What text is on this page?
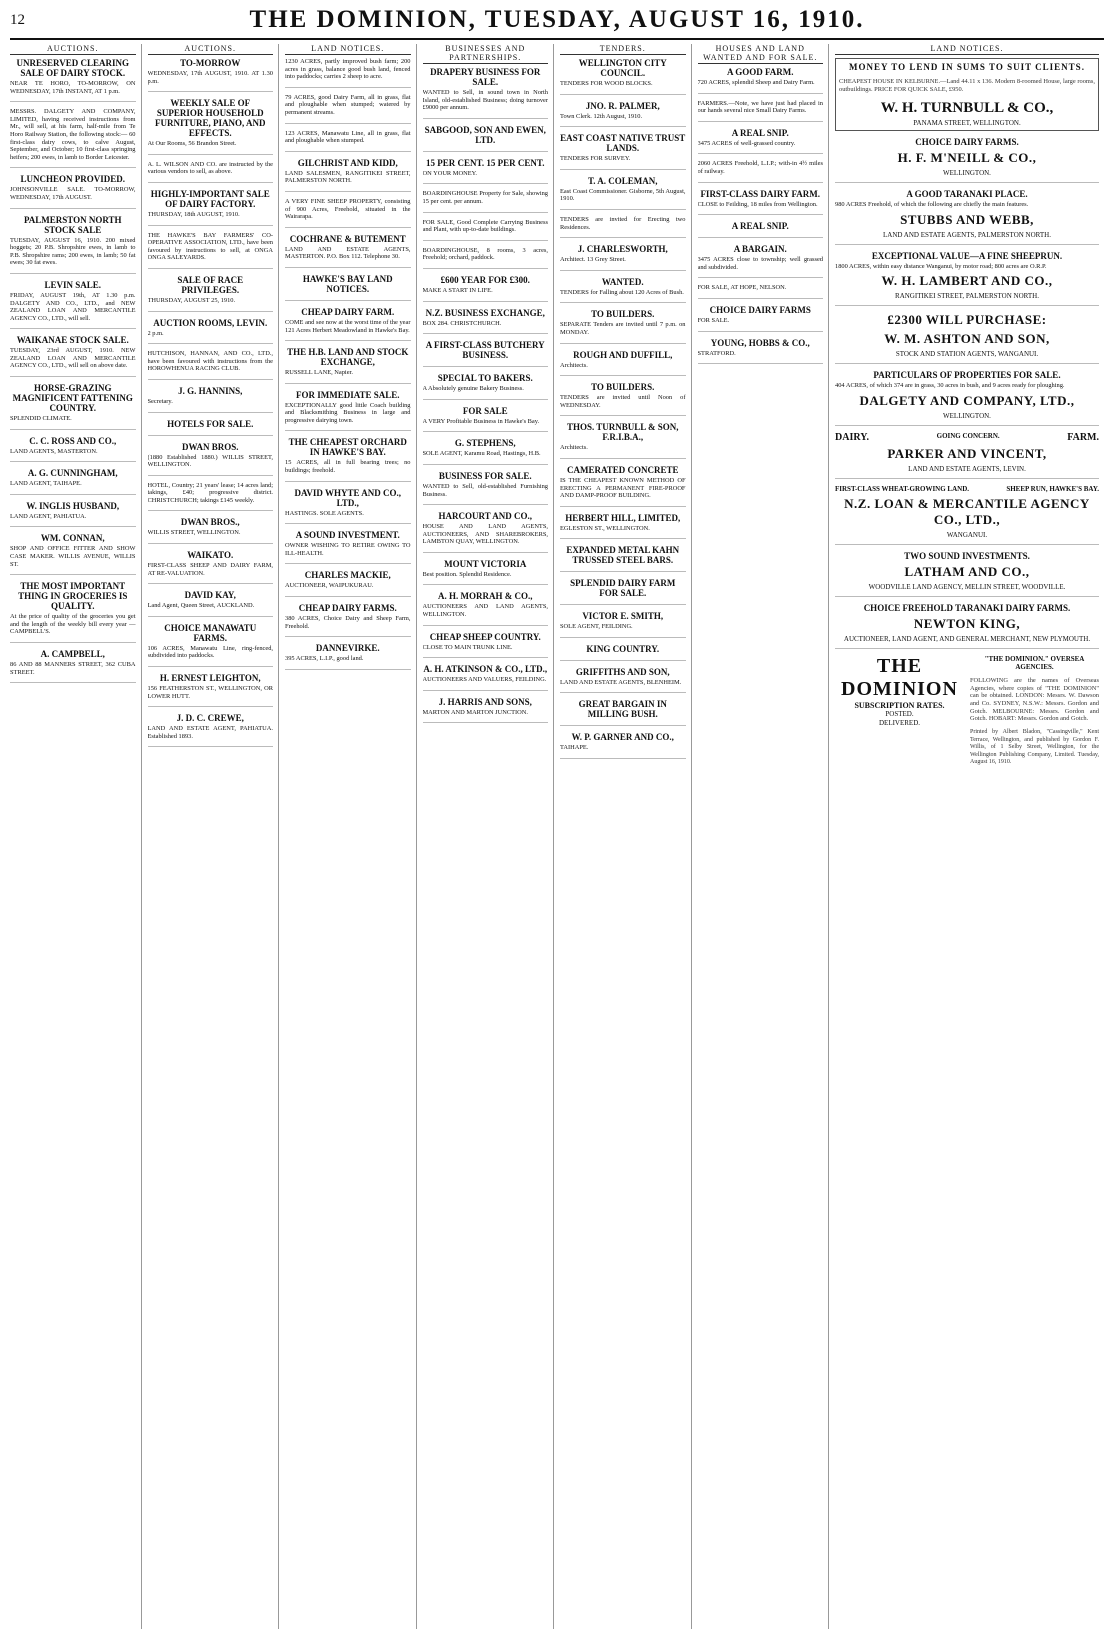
12	THE DOMINION, TUESDAY, AUGUST 16, 1910.
AUCTIONS.
UNRESERVED CLEARING SALE OF DAIRY STOCK.

NEAR TE HORO, TO-MORROW, ON WEDNESDAY, 17th INSTANT, AT 1 p.m.

MESSRS. DALGETY AND COMPANY, LIMITED, having received instructions from Mr., will sell, at his farm, half-mile from Te Horo Railway Station, the following stock:— 60 first-class dairy cows, to calve August, September, and October; 10 first-class springing heifers; 200 ewes, in lamb to Border Leicester.

LUNCHEON PROVIDED.

JOHNSONVILLE SALE. TO-MORROW, WEDNESDAY, 17th AUGUST.

PALMERSTON NORTH STOCK SALE

TUESDAY, AUGUST 16, 1910. 200 mixed hoggets; 20 P.B. Shropshire ewes, in lamb to P.B. Shropshire rams; 200 ewes, in lamb; 50 fat ewes; 30 fat ewes.

LEVIN SALE.

FRIDAY, AUGUST 19th, AT 1.30 p.m. DALGETY AND CO., LTD., and NEW ZEALAND LOAN AND MERCANTILE AGENCY CO., LTD., will sell.

WAIKANAE STOCK SALE.

TUESDAY, 23rd AUGUST, 1910. NEW ZEALAND LOAN AND MERCANTILE AGENCY CO., LTD., will sell on above date.

HORSE-GRAZING MAGNIFICENT FATTENING COUNTRY.

SPLENDID CLIMATE.

C. C. ROSS AND CO.,

LAND AGENTS, MASTERTON.

A. G. CUNNINGHAM,

LAND AGENT, TAIHAPE.

W. INGLIS HUSBAND,

LAND AGENT, PAHIATUA.

WM. CONNAN,

SHOP AND OFFICE FITTER AND SHOW CASE MAKER. WILLIS AVENUE, WILLIS ST.

THE MOST IMPORTANT THING IN GROCERIES IS QUALITY.

At the price of quality of the groceries you get and the length of the weekly bill every year — CAMPBELL'S.

A. CAMPBELL,

86 AND 88 MANNERS STREET, 362 CUBA STREET.

AUCTIONS.
TO-MORROW

WEDNESDAY, 17th AUGUST, 1910. AT 1.30 p.m.

WEEKLY SALE OF SUPERIOR HOUSEHOLD FURNITURE, PIANO, AND EFFECTS.

At Our Rooms, 56 Brandon Street.

A. L. WILSON AND CO. are instructed by the various vendors to sell, as above.

HIGHLY-IMPORTANT SALE OF DAIRY FACTORY.

THURSDAY, 18th AUGUST, 1910.

THE HAWKE'S BAY FARMERS' CO-OPERATIVE ASSOCIATION, LTD., have been favoured by instructions to sell, at ONGA ONGA SALEYARDS.

SALE OF RACE PRIVILEGES.

THURSDAY, AUGUST 25, 1910.

AUCTION ROOMS, LEVIN.

2 p.m.

HUTCHISON, HANNAN, AND CO., LTD., have been favoured with instructions from the HOROWHENUA RACING CLUB.

J. G. HANNINS,

Secretary.

HOTELS FOR SALE.

DWAN BROS.

(1880 Established 1880.) WILLIS STREET, WELLINGTON.

HOTEL, Country; 21 years' lease; 14 acres land; takings, £40; progressive district. CHRISTCHURCH; takings £145 weekly.

DWAN BROS.,

WILLIS STREET, WELLINGTON.

WAIKATO.

FIRST-CLASS SHEEP AND DAIRY FARM, AT RE-VALUATION.

DAVID KAY,

Land Agent, Queen Street, AUCKLAND.

CHOICE MANAWATU FARMS.

106 ACRES, Manawatu Line, ring-fenced, subdivided into paddocks.

H. ERNEST LEIGHTON,

156 FEATHERSTON ST., WELLINGTON, OR LOWER HUTT.

J. D. C. CREWE,

LAND AND ESTATE AGENT, PAHIATUA. Established 1893.

LAND NOTICES.

1230 ACRES, partly improved bush farm; 200 acres in grass, balance good bush land, fenced into paddocks; carries 2 sheep to acre.

79 ACRES, good Dairy Farm, all in grass, flat and ploughable when stumped; watered by permanent streams.

123 ACRES, Manawatu Line, all in grass, flat and ploughable when stumped.

GILCHRIST AND KIDD,

LAND SALESMEN, RANGITIKEI STREET, PALMERSTON NORTH.

A VERY FINE SHEEP PROPERTY, consisting of 900 Acres, Freehold, situated in the Wairarapa.

COCHRANE & BUTEMENT

LAND AND ESTATE AGENTS, MASTERTON. P.O. Box 112. Telephone 30.

HAWKE'S BAY LAND NOTICES.

CHEAP DAIRY FARM.

COME and see now at the worst time of the year 121 Acres Herbert Meadowland in Hawke's Bay.

THE H.B. LAND AND STOCK EXCHANGE,

RUSSELL LANE, Napier.

FOR IMMEDIATE SALE.

EXCEPTIONALLY good little Coach building and Blacksmithing Business in large and progressive dairying town.

THE CHEAPEST ORCHARD IN HAWKE'S BAY.

15 ACRES, all in full bearing trees; no buildings; freehold.

DAVID WHYTE AND CO., LTD.,

HASTINGS. SOLE AGENTS.

A SOUND INVESTMENT.

OWNER WISHING TO RETIRE OWING TO ILL-HEALTH.

CHARLES MACKIE,

AUCTIONEER, WAIPUKURAU.

CHEAP DAIRY FARMS.

380 ACRES, Choice Dairy and Sheep Farm, Freehold.

DANNEVIRKE.

395 ACRES, L.I.P., good land.

BUSINESSES AND PARTNERSHIPS.
DRAPERY BUSINESS FOR SALE.

WANTED to Sell, in sound town in North Island, old-established Business; doing turnover £9000 per annum.

SABGOOD, SON AND EWEN, LTD.

15 PER CENT. 15 PER CENT.

ON YOUR MONEY.

BOARDINGHOUSE Property for Sale, showing 15 per cent. per annum.

FOR SALE, Good Complete Carrying Business and Plant, with up-to-date buildings.

BOARDINGHOUSE, 8 rooms, 3 acres, Freehold; orchard, paddock.

£600 YEAR FOR £300.

MAKE A START IN LIFE.

N.Z. BUSINESS EXCHANGE,

BOX 284. CHRISTCHURCH.

A FIRST-CLASS BUTCHERY BUSINESS.

SPECIAL TO BAKERS.

A Absolutely genuine Bakery Business.

FOR SALE

A VERY Profitable Business in Hawke's Bay.

G. STEPHENS,

SOLE AGENT, Karamu Road, Hastings, H.B.

BUSINESS FOR SALE.

WANTED to Sell, old-established Furnishing Business.

HARCOURT AND CO.,

HOUSE AND LAND AGENTS, AUCTIONEERS, AND SHAREBROKERS, LAMBTON QUAY, WELLINGTON.

MOUNT VICTORIA

Best position. Splendid Residence.

A. H. MORRAH & CO.,

AUCTIONEERS AND LAND AGENTS, WELLINGTON.

CHEAP SHEEP COUNTRY.

CLOSE TO MAIN TRUNK LINE.

A. H. ATKINSON & CO., LTD.,

AUCTIONEERS AND VALUERS, FEILDING.

J. HARRIS AND SONS,

MARTON AND MARTON JUNCTION.

TENDERS.
WELLINGTON CITY COUNCIL.

TENDERS FOR WOOD BLOCKS.

JNO. R. PALMER,

Town Clerk. 12th August, 1910.

EAST COAST NATIVE TRUST LANDS.

TENDERS FOR SURVEY.

T. A. COLEMAN,

East Coast Commissioner. Gisborne, 5th August, 1910.

TENDERS are invited for Erecting two Residences.

J. CHARLESWORTH,

Architect. 13 Grey Street.

WANTED.

TENDERS for Falling about 120 Acres of Bush.

TO BUILDERS.

SEPARATE Tenders are invited until 7 p.m. on MONDAY.

ROUGH AND DUFFILL,

Architects.

TO BUILDERS.

TENDERS are invited until Noon of WEDNESDAY.

THOS. TURNBULL & SON, F.R.I.B.A.,

Architects.

CAMERATED CONCRETE

IS THE CHEAPEST KNOWN METHOD OF ERECTING A PERMANENT FIRE-PROOF AND DAMP-PROOF BUILDING.

HERBERT HILL, LIMITED,

EGLESTON ST., WELLINGTON.

EXPANDED METAL KAHN TRUSSED STEEL BARS.

SPLENDID DAIRY FARM FOR SALE.

VICTOR E. SMITH,

SOLE AGENT, FEILDING.

KING COUNTRY.

GRIFFITHS AND SON,

LAND AND ESTATE AGENTS, BLENHEIM.

GREAT BARGAIN IN MILLING BUSH.

W. P. GARNER AND CO.,

TAIHAPE.

HOUSES AND LAND WANTED AND FOR SALE.
A GOOD FARM.

720 ACRES, splendid Sheep and Dairy Farm.

FARMERS.—Note, we have just had placed in our hands several nice Small Dairy Farms.

A REAL SNIP.

3475 ACRES of well-grassed country.

2060 ACRES Freehold, L.I.P.; with-in 4½ miles of railway.

FIRST-CLASS DAIRY FARM.

CLOSE to Feilding, 18 miles from Wellington.

A REAL SNIP.

A BARGAIN.

3475 ACRES close to township; well grassed and subdivided.

FOR SALE, AT HOPE, NELSON.

CHOICE DAIRY FARMS

FOR SALE.

YOUNG, HOBBS & CO.,

STRATFORD.

LAND NOTICES.
MONEY TO LEND IN SUMS TO SUIT CLIENTS.

CHEAPEST HOUSE IN KELBURNE.—Land 44.11 x 136. Modern 8-roomed House, large rooms, outbuildings. PRICE FOR QUICK SALE, £950.

W. H. TURNBULL & CO.,
PANAMA STREET, WELLINGTON.
CHOICE DAIRY FARMS.
H. F. M'NEILL & CO.,
WELLINGTON.
A GOOD TARANAKI PLACE.

980 ACRES Freehold, of which the following are chiefly the main features.

STUBBS AND WEBB,
LAND AND ESTATE AGENTS, PALMERSTON NORTH.
EXCEPTIONAL VALUE—A FINE SHEEPRUN.

1800 ACRES, within easy distance Wanganui, by motor road; 800 acres are O.R.P.

W. H. LAMBERT AND CO.,
RANGITIKEI STREET, PALMERSTON NORTH.
£2300 WILL PURCHASE:
W. M. ASHTON AND SON,
STOCK AND STATION AGENTS, WANGANUI.
PARTICULARS OF PROPERTIES FOR SALE.

404 ACRES, of which 374 are in grass, 30 acres in bush, and 9 acres ready for ploughing.

DALGETY AND COMPANY, LTD.,
WELLINGTON.
DAIRY.	GOING CONCERN.	FARM.
PARKER AND VINCENT,
LAND AND ESTATE AGENTS, LEVIN.
FIRST-CLASS WHEAT-GROWING LAND.	SHEEP RUN, HAWKE'S BAY.
N.Z. LOAN & MERCANTILE AGENCY CO., LTD.,
WANGANUI.
TWO SOUND INVESTMENTS.
LATHAM AND CO.,
WOODVILLE LAND AGENCY, MELLIN STREET, WOODVILLE.
CHOICE FREEHOLD TARANAKI DAIRY FARMS.
NEWTON KING,
AUCTIONEER, LAND AGENT, AND GENERAL MERCHANT, NEW PLYMOUTH.
THE DOMINION
SUBSCRIPTION RATES.
POSTED.
DELIVERED.
"THE DOMINION." OVERSEA AGENCIES.

FOLLOWING are the names of Overseas Agencies, where copies of "THE DOMINION" can be obtained. LONDON: Messrs. W. Dawson and Co. SYDNEY, N.S.W.: Messrs. Gordon and Gotch. MELBOURNE: Messrs. Gordon and Gotch. HOBART: Messrs. Gordon and Gotch.

Printed by Albert Bladon, "Cassingville," Kent Terrace, Wellington, and published by Gordon F. Willis, of 1 Selby Street, Wellington, for the Wellington Publishing Company, Limited. Tuesday, August 16, 1910.
